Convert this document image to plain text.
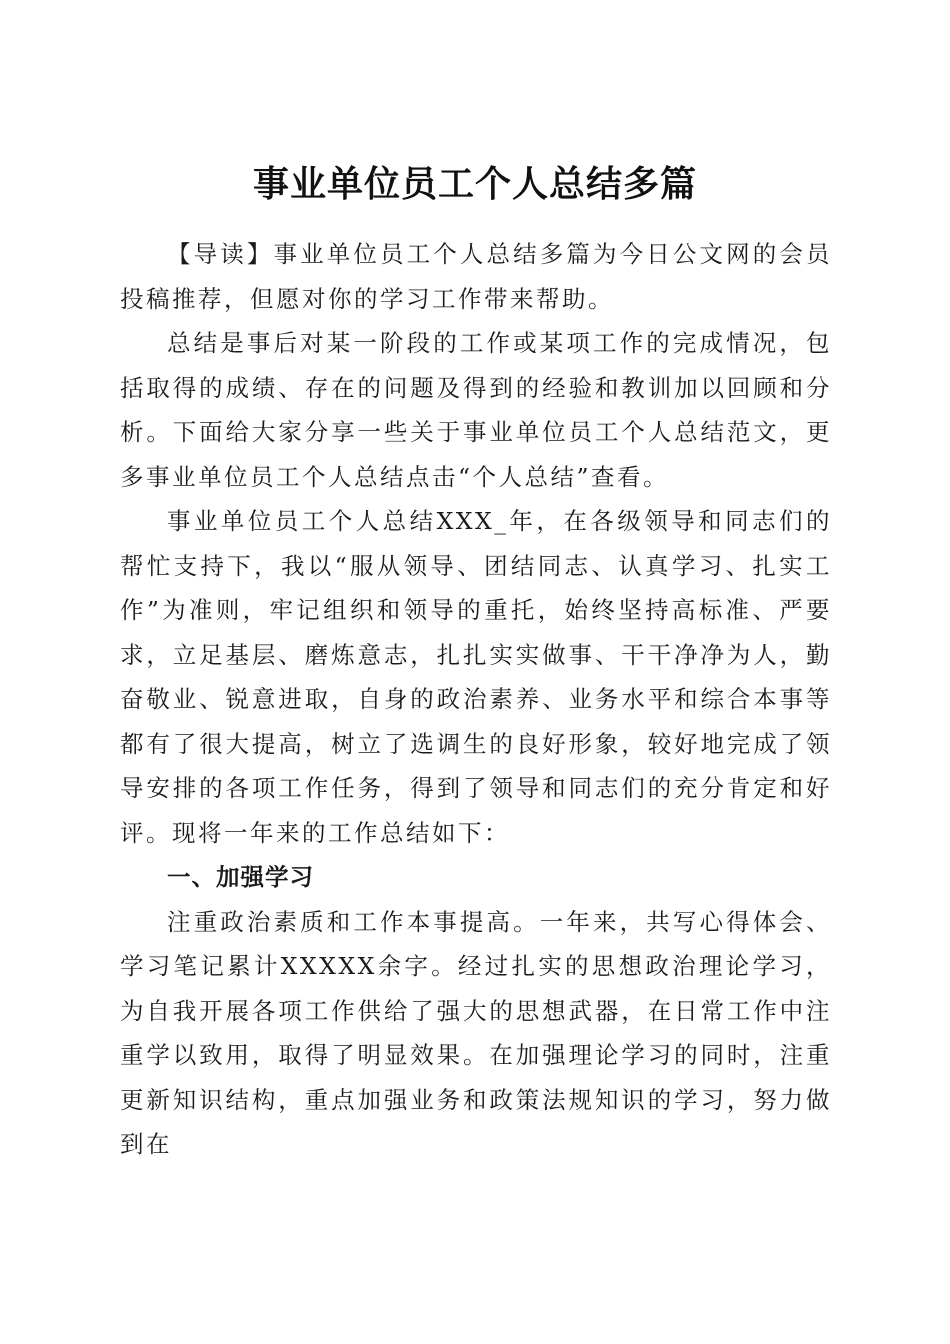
事业单位员工个人总结多篇

【导读】事业单位员工个人总结多篇为今日公文网的会员投稿推荐，但愿对你的学习工作带来帮助。

总结是事后对某一阶段的工作或某项工作的完成情况，包括取得的成绩、存在的问题及得到的经验和教训加以回顾和分析。下面给大家分享一些关于事业单位员工个人总结范文，更多事业单位员工个人总结点击“个人总结”查看。

事业单位员工个人总结XXX_年，在各级领导和同志们的帮忙支持下，我以“服从领导、团结同志、认真学习、扎实工作”为准则，牢记组织和领导的重托，始终坚持高标准、严要求，立足基层、磨炼意志，扎扎实实做事、干干净净为人，勤奋敬业、锐意进取，自身的政治素养、业务水平和综合本事等都有了很大提高，树立了选调生的良好形象，较好地完成了领导安排的各项工作任务，得到了领导和同志们的充分肯定和好评。现将一年来的工作总结如下：

一、加强学习

注重政治素质和工作本事提高。一年来，共写心得体会、学习笔记累计XXXXX余字。经过扎实的思想政治理论学习，为自我开展各项工作供给了强大的思想武器，在日常工作中注重学以致用，取得了明显效果。在加强理论学习的同时，注重更新知识结构，重点加强业务和政策法规知识的学习，努力做到在
